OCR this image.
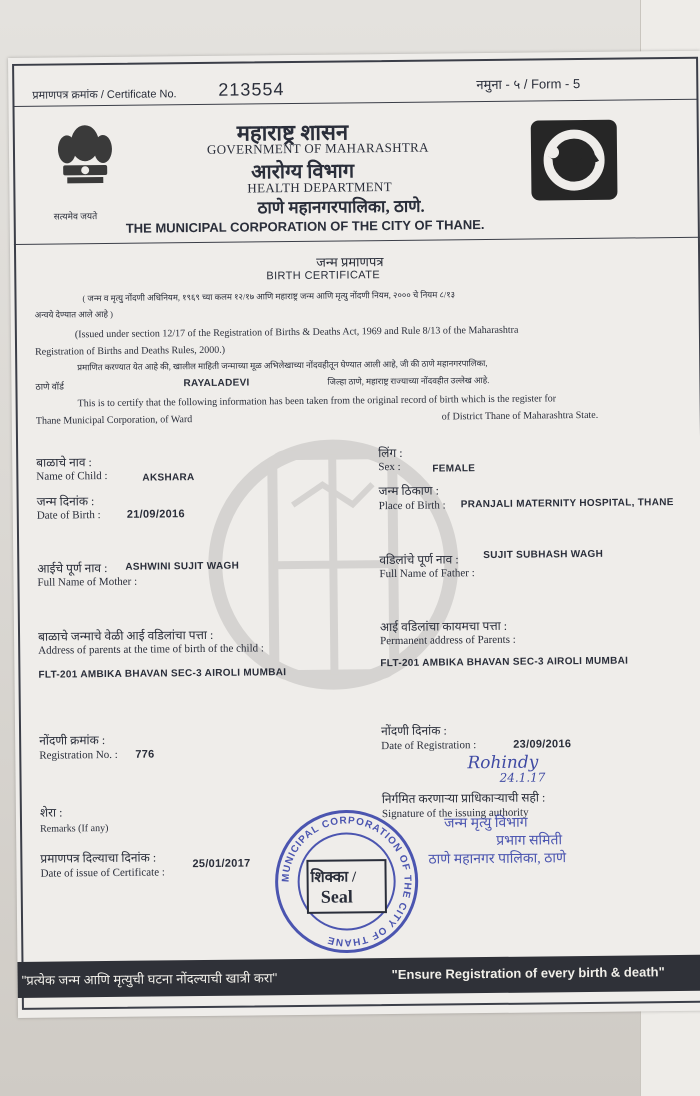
प्रमाणपत्र क्रमांक / Certificate No. 213554	नमुना - ५ / Form - 5
सत्यमेव जयते
महाराष्ट्र शासन
GOVERNMENT OF MAHARASHTRA
आरोग्य विभाग
HEALTH DEPARTMENT
ठाणे महानगरपालिका, ठाणे.
THE MUNICIPAL CORPORATION OF THE CITY OF THANE.
जन्म प्रमाणपत्र
BIRTH CERTIFICATE
( जन्म व मृत्यु नोंदणी अधिनियम, १९६९ च्या कलम १२/१७ आणि महाराष्ट्र जन्म आणि मृत्यु नोंदणी नियम, २००० चे नियम ८/१३
अन्वये देण्यात आले आहे )
(Issued under section 12/17 of the Registration of Births & Deaths Act, 1969 and Rule 8/13 of the Maharashtra
Registration of Births and Deaths Rules, 2000.)
प्रमाणित करण्यात येत आहे की, खालील माहिती जन्माच्या मूळ अभिलेखाच्या नोंदवहीतून घेण्यात आली आहे, जी की ठाणे महानगरपालिका,
ठाणे वॉर्ड	RAYALADEVI	जिल्हा ठाणे, महाराष्ट्र राज्याच्या नोंदवहीत उल्लेख आहे.
This is to certify that the following information has been taken from the original record of birth which is the register for
Thane Municipal Corporation, of Ward	of District Thane of Maharashtra State.
बाळाचे नाव :
Name of Child :	AKSHARA
लिंग :
Sex :	FEMALE
जन्म दिनांक :
Date of Birth : 21/09/2016
जन्म ठिकाण :
Place of Birth : PRANJALI MATERNITY HOSPITAL, THANE
आईचे पूर्ण नाव : ASHWINI SUJIT WAGH
Full Name of Mother :
वडिलांचे पूर्ण नाव : SUJIT SUBHASH WAGH
Full Name of Father :
बाळाचे जन्माचे वेळी आई वडिलांचा पत्ता :
Address of parents at the time of birth of the child :
FLT-201 AMBIKA BHAVAN SEC-3 AIROLI MUMBAI
आई वडिलांचा कायमचा पत्ता :
Permanent address of Parents :
FLT-201 AMBIKA BHAVAN SEC-3 AIROLI MUMBAI
नोंदणी क्रमांक :
Registration No. : 776
नोंदणी दिनांक :
Date of Registration :	23/09/2016
Rohindy
24.1.17
शेरा :
Remarks (If any)
निर्गमित करणाऱ्या प्राधिकाऱ्याची सही :
Signature of the issuing authority
जन्म मृत्यु विभाग
प्रभाग समिती
ठाणे महानगर पालिका, ठाणे
प्रमाणपत्र दिल्याचा दिनांक :
Date of issue of Certificate :
25/01/2017
MUNICIPAL CORPORATION OF THE CITY OF THANE
शिक्का /
Seal
"प्रत्येक जन्म आणि मृत्युची घटना नोंदल्याची खात्री करा"	"Ensure Registration of every birth & death"
